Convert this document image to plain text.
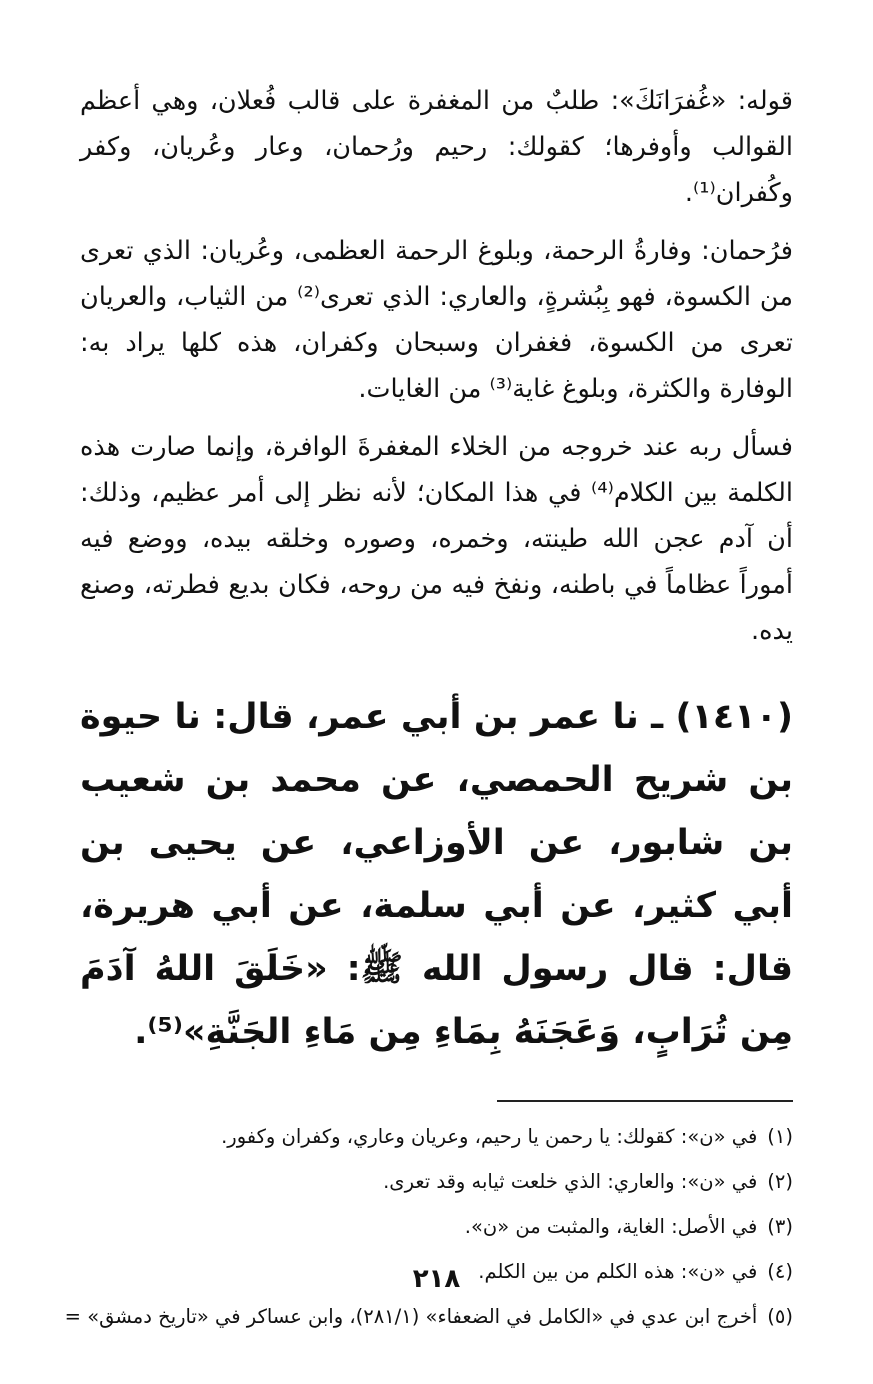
قوله: «غُفرَانَكَ»: طلبٌ من المغفرة على قالب فُعلان، وهي أعظم القوالب وأوفرها؛ كقولك: رحيم ورُحمان، وعار وعُريان، وكفر وكُفران⁽¹⁾.

فرُحمان: وفارةُ الرحمة، وبلوغ الرحمة العظمى، وعُريان: الذي تعرى من الكسوة، فهو بِبُشرةٍ، والعاري: الذي تعرى⁽²⁾ من الثياب، والعريان تعرى من الكسوة، فغفران وسبحان وكفران، هذه كلها يراد به: الوفارة والكثرة، وبلوغ غاية⁽³⁾ من الغايات.

فسأل ربه عند خروجه من الخلاء المغفرةَ الوافرة، وإنما صارت هذه الكلمة بين الكلام⁽⁴⁾ في هذا المكان؛ لأنه نظر إلى أمر عظيم، وذلك: أن آدم عجن الله طينته، وخمره، وصوره وخلقه بيده، ووضع فيه أموراً عظاماً في باطنه، ونفخ فيه من روحه، فكان بديع فطرته، وصنع يده.

(١٤١٠) ـ نا عمر بن أبي عمر، قال: نا حيوة بن شريح الحمصي، عن محمد بن شعيب بن شابور، عن الأوزاعي، عن يحيى بن أبي كثير، عن أبي سلمة، عن أبي هريرة، قال: قال رسول الله ﷺ: «خَلَقَ اللهُ آدَمَ مِن تُرَابٍ، وَعَجَنَهُ بِمَاءِ مِن مَاءِ الجَنَّةِ»⁽⁵⁾.
(١)في «ن»: كقولك: يا رحمن يا رحيم، وعريان وعاري، وكفران وكفور.
(٢)في «ن»: والعاري: الذي خلعت ثيابه وقد تعرى.
(٣)في الأصل: الغاية، والمثبت من «ن».
(٤)في «ن»: هذه الكلم من بين الكلم.
(٥)أخرج ابن عدي في «الكامل في الضعفاء» (٢٨١/١)، وابن عساكر في «تاريخ دمشق» =
٢١٨
